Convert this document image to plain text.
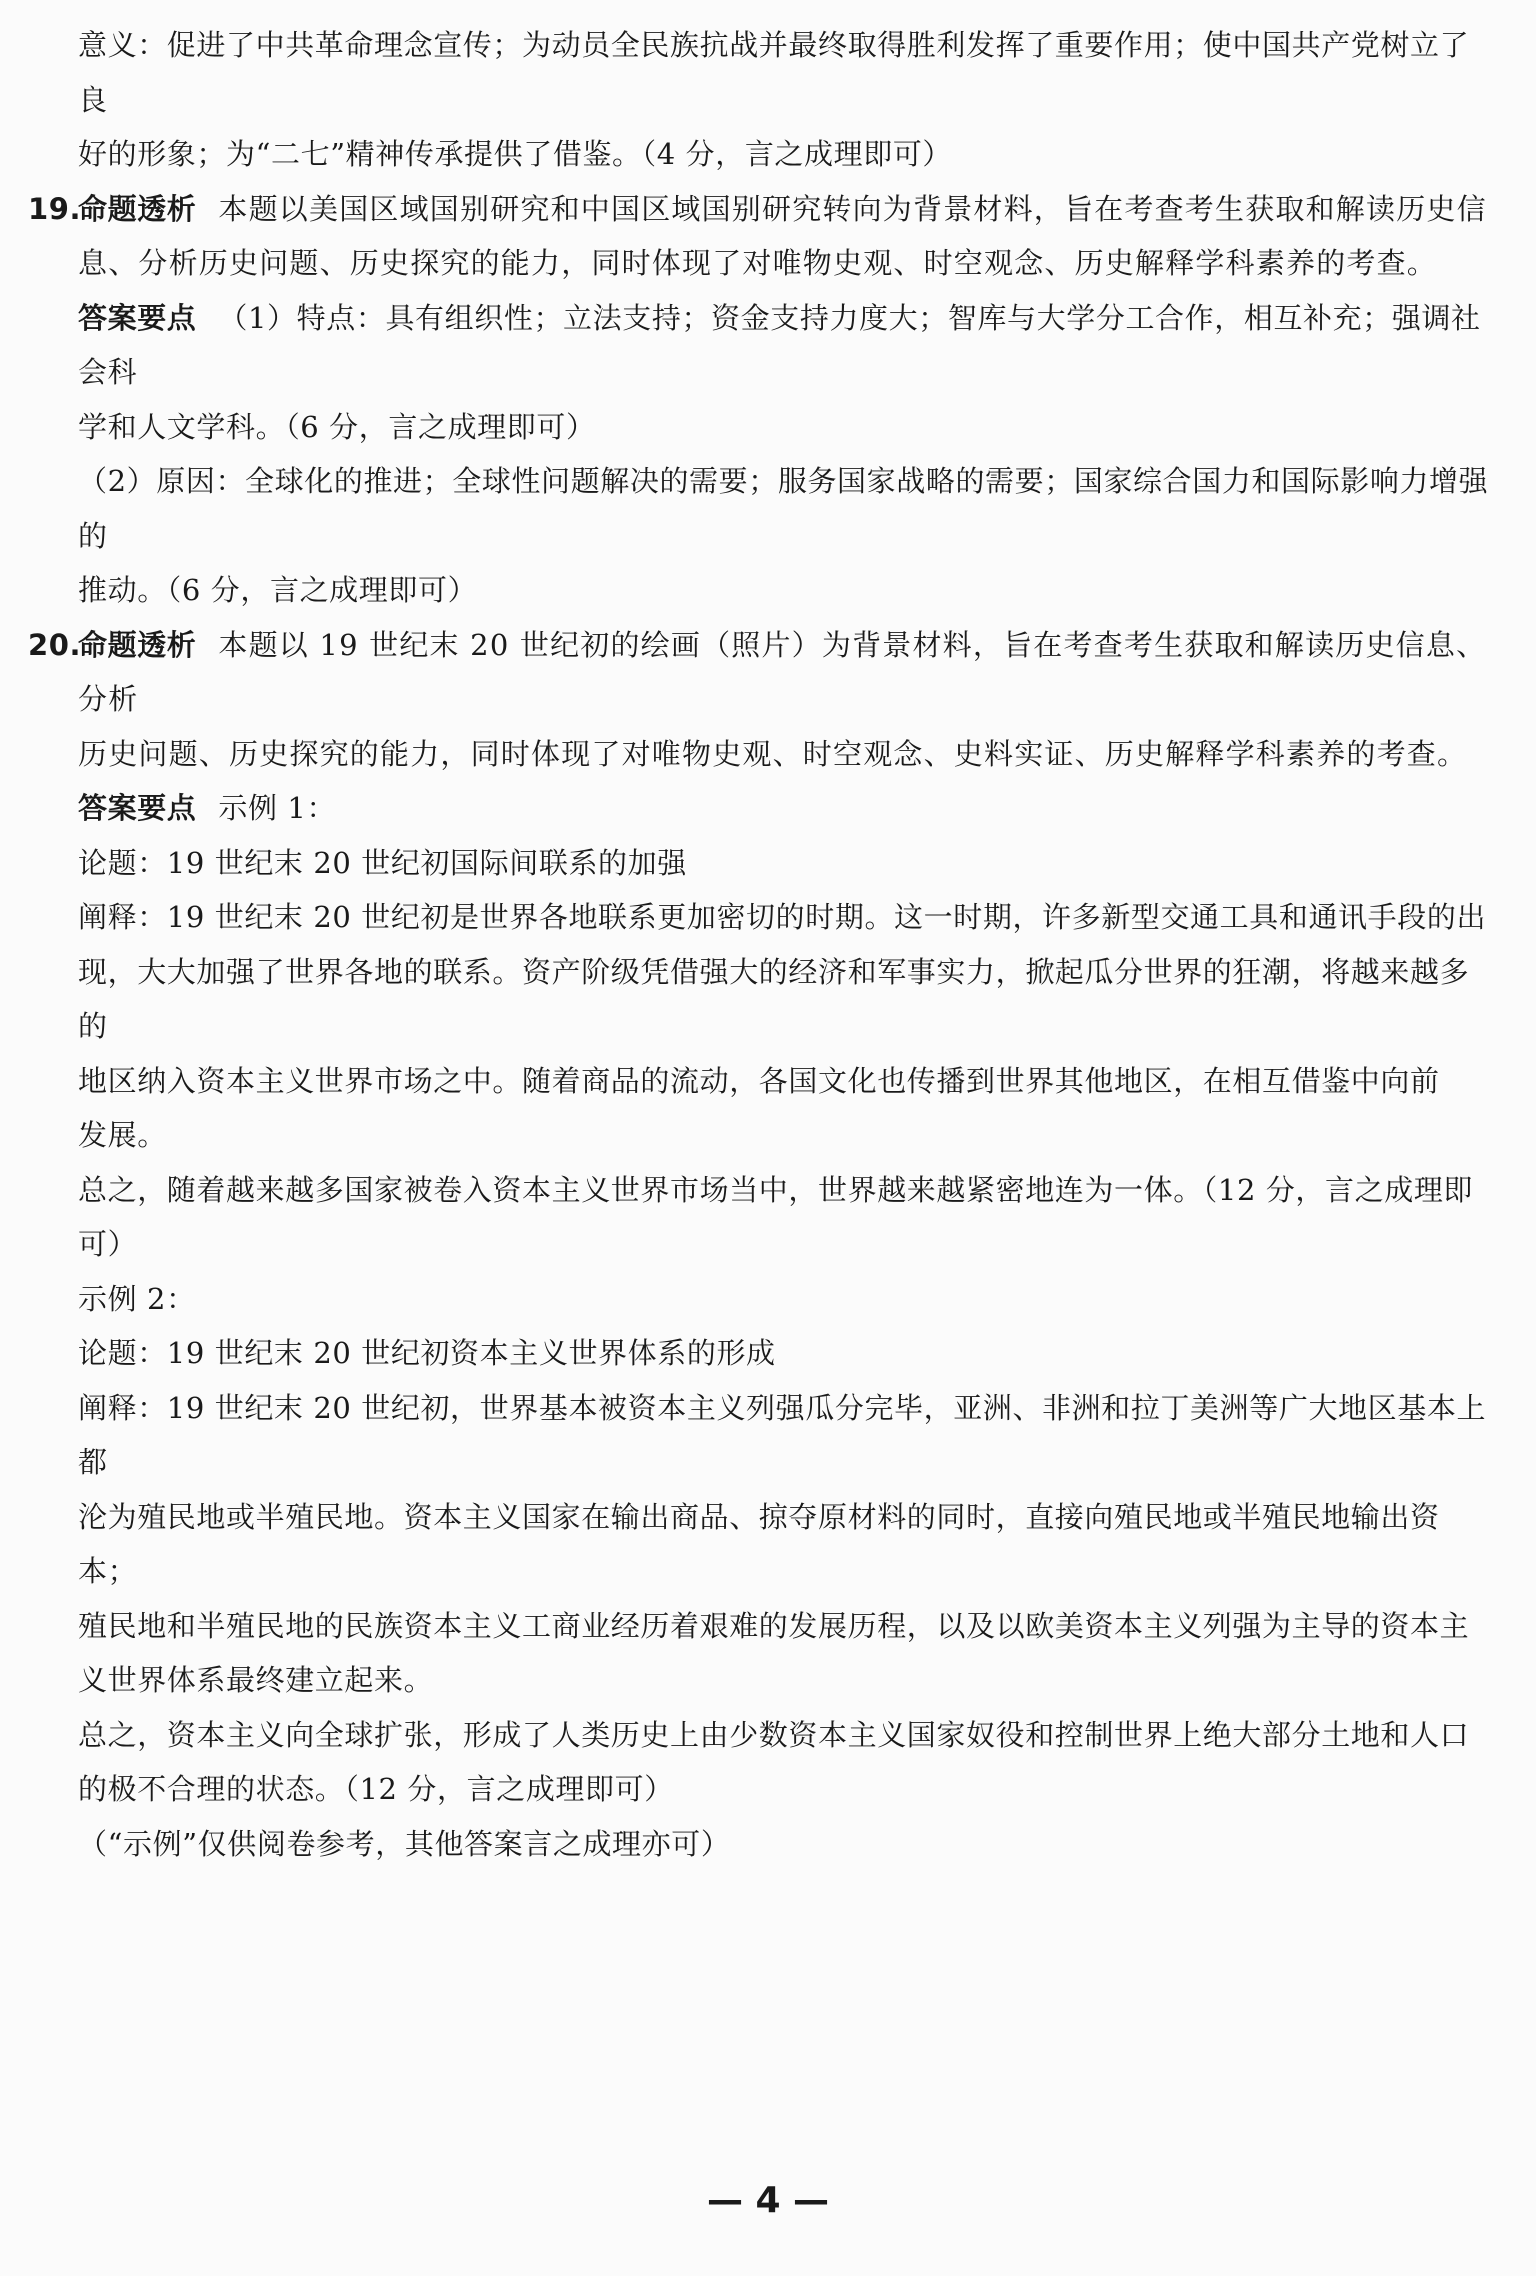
意义：促进了中共革命理念宣传；为动员全民族抗战并最终取得胜利发挥了重要作用；使中国共产党树立了良
好的形象；为“二七”精神传承提供了借鉴。（4 分，言之成理即可）
19.
命题透析 本题以美国区域国别研究和中国区域国别研究转向为背景材料，旨在考查考生获取和解读历史信
息、分析历史问题、历史探究的能力，同时体现了对唯物史观、时空观念、历史解释学科素养的考查。
答案要点 （1）特点：具有组织性；立法支持；资金支持力度大；智库与大学分工合作，相互补充；强调社会科
学和人文学科。（6 分，言之成理即可）
（2）原因：全球化的推进；全球性问题解决的需要；服务国家战略的需要；国家综合国力和国际影响力增强的
推动。（6 分，言之成理即可）
20.
命题透析 本题以 19 世纪末 20 世纪初的绘画（照片）为背景材料，旨在考查考生获取和解读历史信息、分析
历史问题、历史探究的能力，同时体现了对唯物史观、时空观念、史料实证、历史解释学科素养的考查。
答案要点 示例 1：
论题：19 世纪末 20 世纪初国际间联系的加强
阐释：19 世纪末 20 世纪初是世界各地联系更加密切的时期。这一时期，许多新型交通工具和通讯手段的出
现，大大加强了世界各地的联系。资产阶级凭借强大的经济和军事实力，掀起瓜分世界的狂潮，将越来越多的
地区纳入资本主义世界市场之中。随着商品的流动，各国文化也传播到世界其他地区，在相互借鉴中向前
发展。
总之，随着越来越多国家被卷入资本主义世界市场当中，世界越来越紧密地连为一体。（12 分，言之成理即可）
示例 2：
论题：19 世纪末 20 世纪初资本主义世界体系的形成
阐释：19 世纪末 20 世纪初，世界基本被资本主义列强瓜分完毕，亚洲、非洲和拉丁美洲等广大地区基本上都
沦为殖民地或半殖民地。资本主义国家在输出商品、掠夺原材料的同时，直接向殖民地或半殖民地输出资本；
殖民地和半殖民地的民族资本主义工商业经历着艰难的发展历程，以及以欧美资本主义列强为主导的资本主
义世界体系最终建立起来。
总之，资本主义向全球扩张，形成了人类历史上由少数资本主义国家奴役和控制世界上绝大部分土地和人口
的极不合理的状态。（12 分，言之成理即可）
（“示例”仅供阅卷参考，其他答案言之成理亦可）
— 4 —
